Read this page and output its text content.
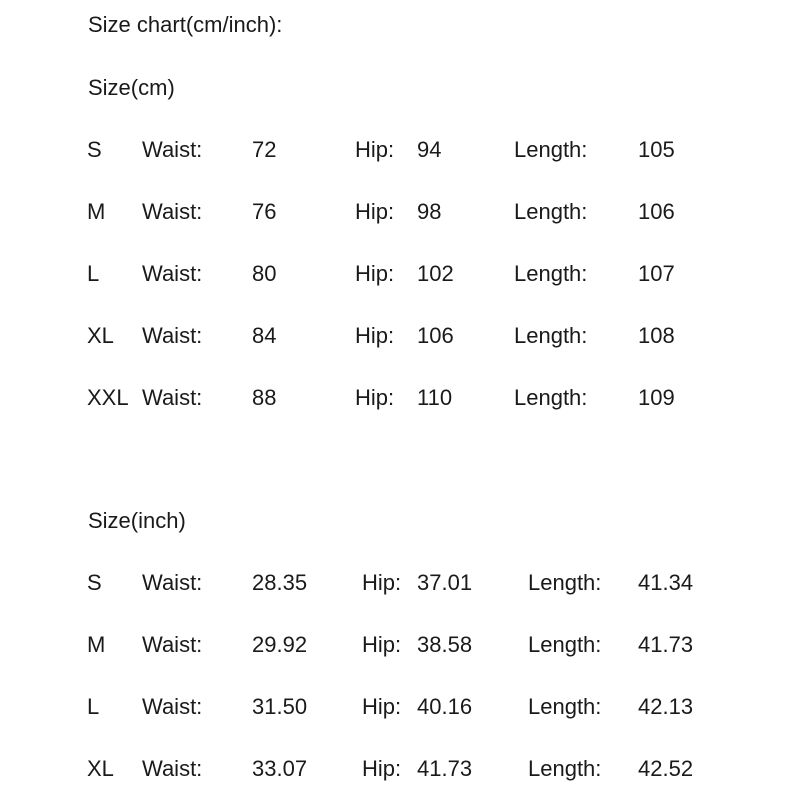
Size chart(cm/inch):
Size(cm)
S Waist: 72	Hip: 94	Length: 105
M Waist: 76	Hip: 98	Length: 106
L Waist: 80	Hip: 102	Length: 107
XL Waist: 84	Hip: 106	Length: 108
XXL Waist: 88	Hip: 110	Length: 109
Size(inch)
S Waist: 28.35 Hip: 37.01	Length: 41.34
M Waist: 29.92 Hip: 38.58	Length: 41.73
L Waist: 31.50 Hip: 40.16	Length: 42.13
XL Waist: 33.07 Hip: 41.73	Length: 42.52
